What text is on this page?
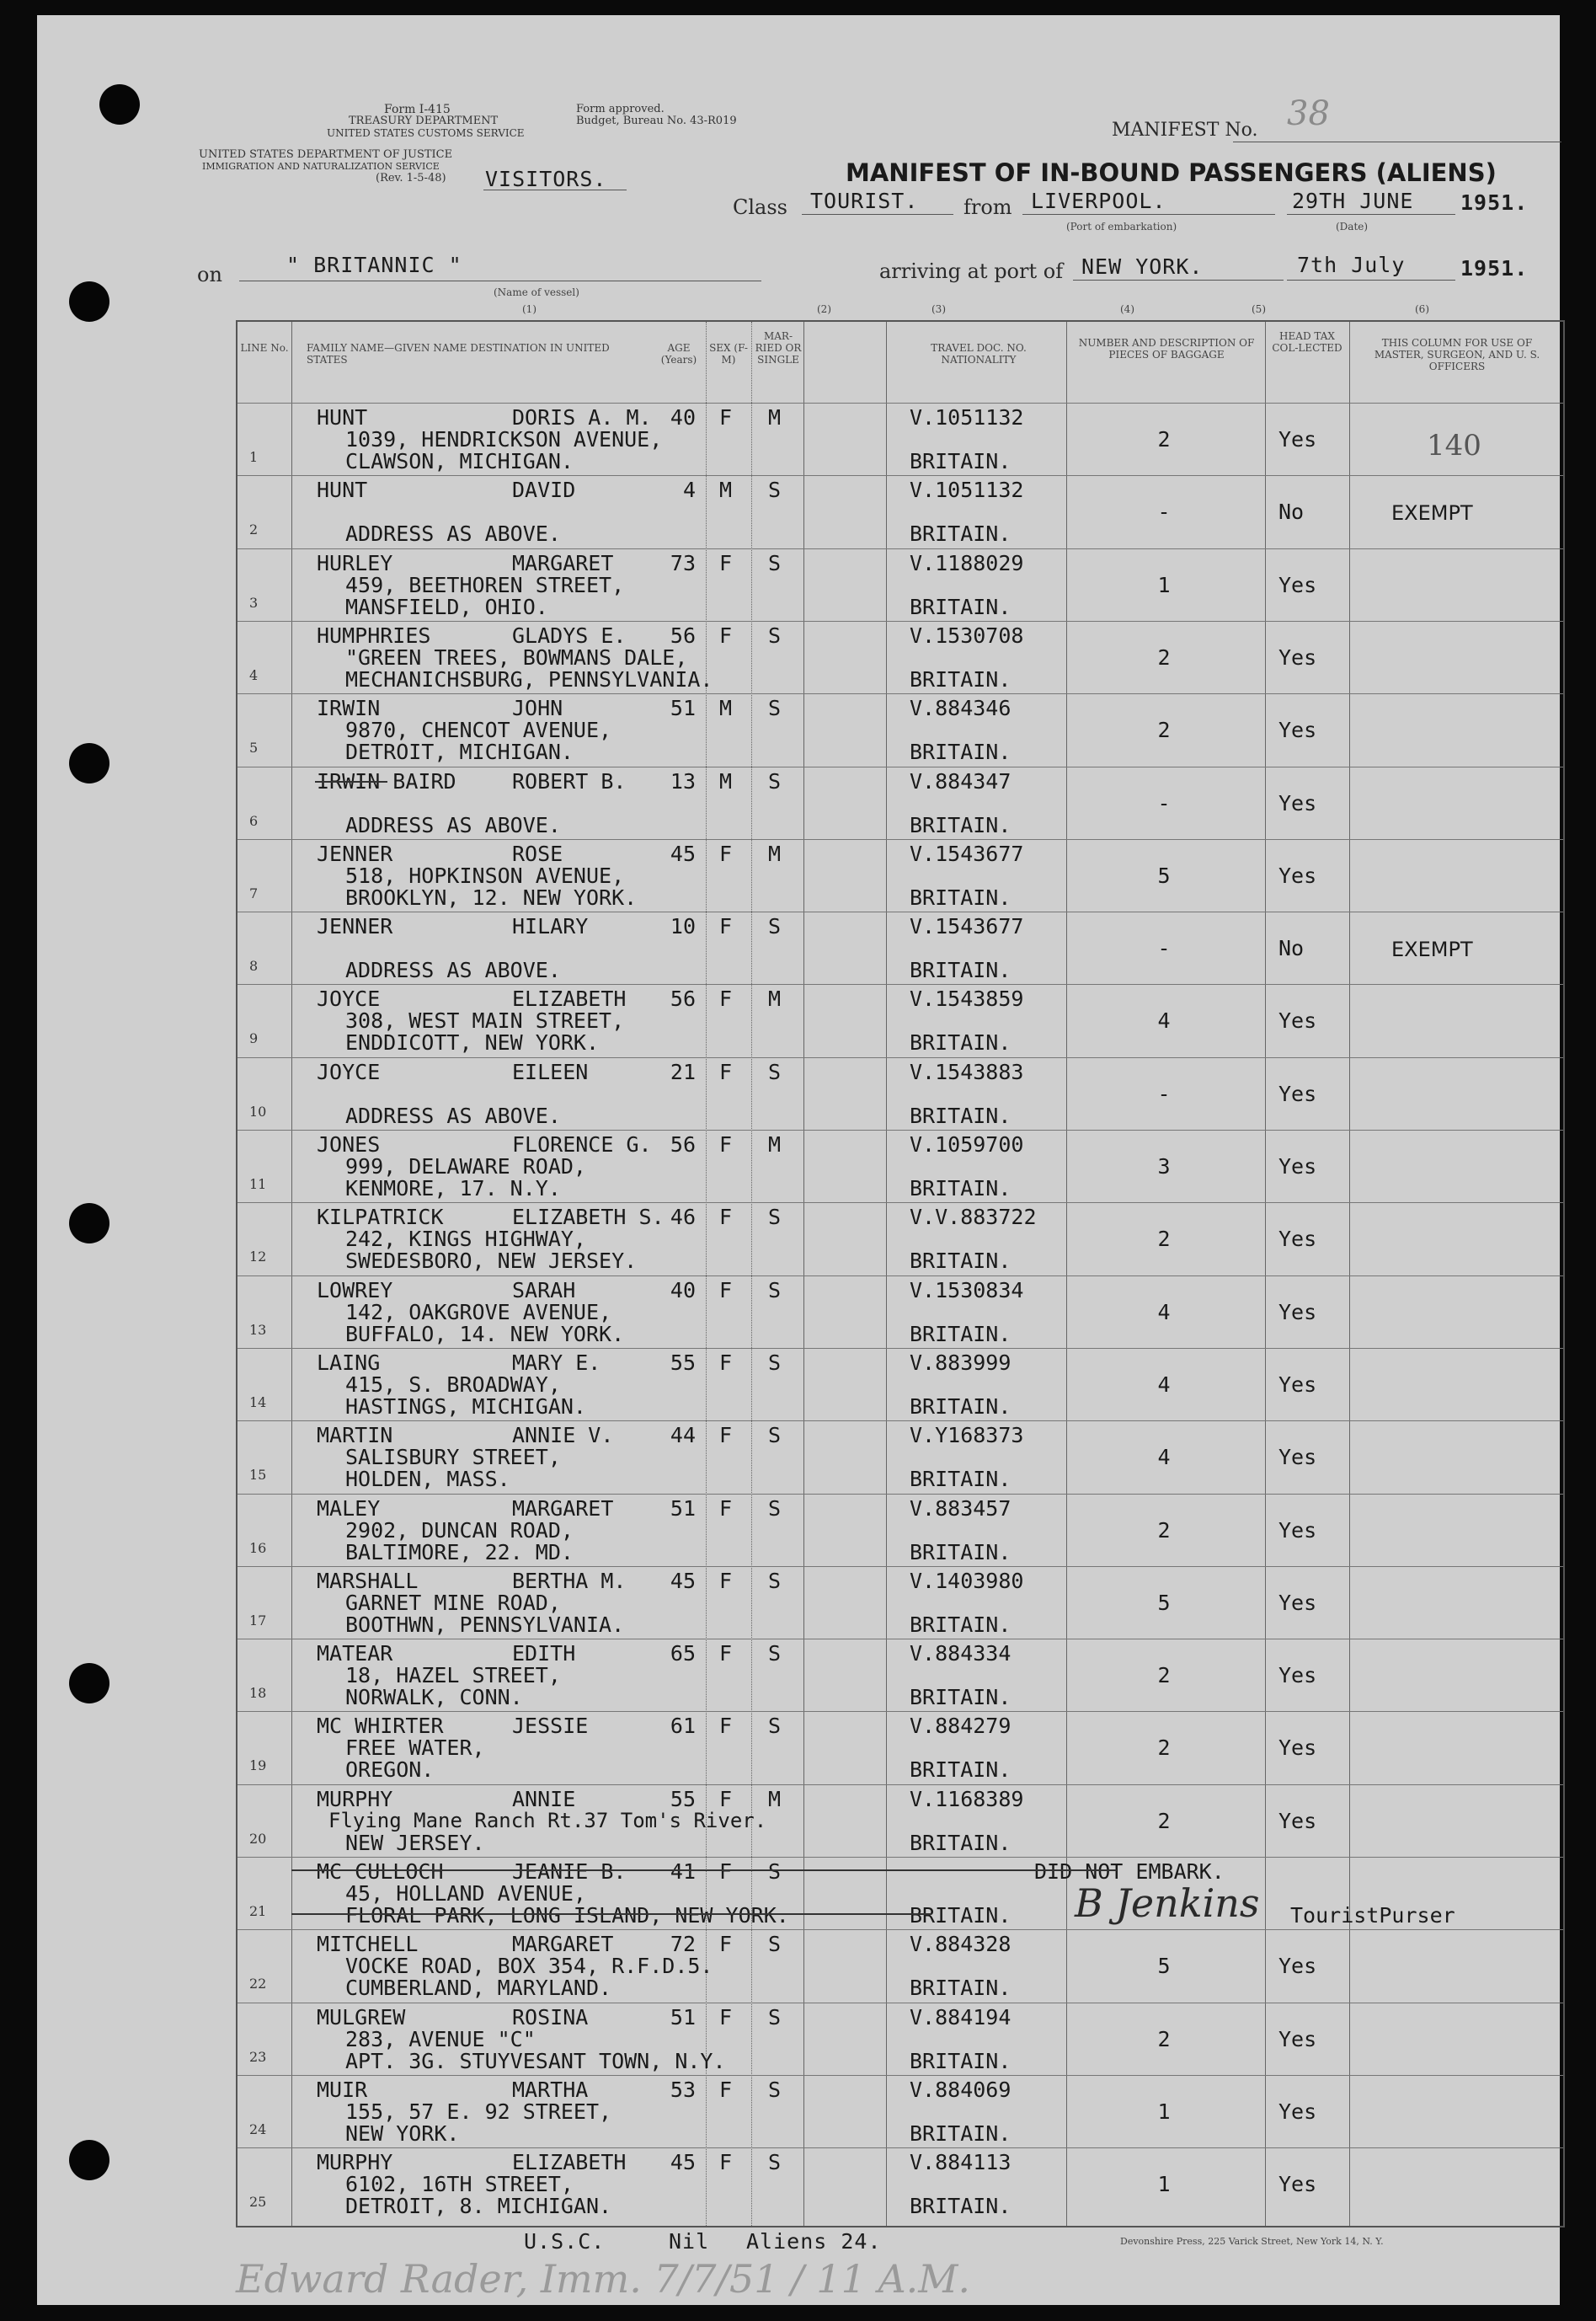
Form I-415
TREASURY DEPARTMENT
UNITED STATES CUSTOMS SERVICE
Form approved.
Budget, Bureau No. 43-R019
UNITED STATES DEPARTMENT OF JUSTICE
IMMIGRATION AND NATURALIZATION SERVICE
(Rev. 1-5-48) VISITORS.
MANIFEST No. 38
MANIFEST OF IN-BOUND PASSENGERS (ALIENS)
Class TOURIST. from LIVERPOOL.
(Port of embarkation)
29TH JUNE
(Date)
1951.
on	" BRITANNIC "
(Name of vessel)
arriving at port of NEW YORK.	7th July	1951.
(1)	(2)	(3)	(4)	(5)	(6)
LINE No. FAMILY NAME—GIVEN NAME DESTINATION IN UNITED STATES
AGE (Years)
SEX (F-M)
MAR-RIED OR SINGLE
TRAVEL DOC. NO. NATIONALITY
NUMBER AND DESCRIPTION OF PIECES OF BAGGAGE
HEAD TAX COL-LECTED	THIS COLUMN FOR USE OF MASTER, SURGEON, AND U. S. OFFICERS
1
HUNT	DORIS A. M. 40 F M	V.1051132
1039, HENDRICKSON AVENUE,
CLAWSON, MICHIGAN.	BRITAIN.
2	Yes	140
2
HUNT	DAVID	4 M S	V.1051132
ADDRESS AS ABOVE.	BRITAIN.
-	No	EXEMPT
3
HURLEY	MARGARET	73 F S	V.1188029
459, BEETHOREN STREET,
MANSFIELD, OHIO.	BRITAIN.
1	Yes
4
HUMPHRIES	GLADYS E.	56 F S	V.1530708
"GREEN TREES, BOWMANS DALE,
MECHANICHSBURG, PENNSYLVANIA.	BRITAIN.
2	Yes
5
IRWIN	JOHN	51 M S	V.884346
9870, CHENCOT AVENUE,
DETROIT, MICHIGAN.	BRITAIN.
2	Yes
6
IRWIN BAIRD	ROBERT B.	13 M S	V.884347
ADDRESS AS ABOVE.	BRITAIN.
-	Yes
7
JENNER	ROSE	45 F M	V.1543677
518, HOPKINSON AVENUE,
BROOKLYN, 12. NEW YORK.	BRITAIN.
5	Yes
8
JENNER	HILARY	10 F S	V.1543677
ADDRESS AS ABOVE.	BRITAIN.
-	No	EXEMPT
9
JOYCE	ELIZABETH	56 F M	V.1543859
308, WEST MAIN STREET,
ENDDICOTT, NEW YORK.	BRITAIN.
4	Yes
10
JOYCE	EILEEN	21 F S	V.1543883
ADDRESS AS ABOVE.	BRITAIN.
-	Yes
11
JONES	FLORENCE G. 56 F M	V.1059700
999, DELAWARE ROAD,
KENMORE, 17. N.Y.	BRITAIN.
3	Yes
12
KILPATRICK	ELIZABETH S. 46 F S	V.V.883722
242, KINGS HIGHWAY,
SWEDESBORO, NEW JERSEY.	BRITAIN.
2	Yes
13
LOWREY	SARAH	40 F S	V.1530834
142, OAKGROVE AVENUE,
BUFFALO, 14. NEW YORK.	BRITAIN.
4	Yes
14
LAING	MARY E.	55 F S	V.883999
415, S. BROADWAY,
HASTINGS, MICHIGAN.	BRITAIN.
4	Yes
15
MARTIN	ANNIE V.	44 F S	V.Y168373
SALISBURY STREET,
HOLDEN, MASS.	BRITAIN.
4	Yes
16
MALEY	MARGARET	51 F S	V.883457
2902, DUNCAN ROAD,
BALTIMORE, 22. MD.	BRITAIN.
2	Yes
17
MARSHALL	BERTHA M.	45 F S	V.1403980
GARNET MINE ROAD,
BOOTHWN, PENNSYLVANIA.	BRITAIN.
5	Yes
18
MATEAR	EDITH	65 F S	V.884334
18, HAZEL STREET,
NORWALK, CONN.	BRITAIN.
2	Yes
19
MC WHIRTER	JESSIE	61 F S	V.884279
FREE WATER,
OREGON.	BRITAIN.
2	Yes
20
MURPHY	ANNIE	55 F M	V.1168389
Flying Mane Ranch Rt.37 Tom's River.
NEW JERSEY.	BRITAIN.
2	Yes
21
MC CULLOCH	JEANIE B.	41 F S	DID NOT EMBARK.
45, HOLLAND AVENUE,
FLORAL PARK, LONG ISLAND, NEW YORK.	BRITAIN.	TouristPurser
22
MITCHELL	MARGARET	72 F S	V.884328
VOCKE ROAD, BOX 354, R.F.D.5.
CUMBERLAND, MARYLAND.	BRITAIN.
5	Yes
23
MULGREW	ROSINA	51 F S	V.884194
283, AVENUE "C"
APT. 3G. STUYVESANT TOWN, N.Y.	BRITAIN.
2	Yes
24
MUIR	MARTHA	53 F S	V.884069
155, 57 E. 92 STREET,
NEW YORK.	BRITAIN.
1	Yes
25
MURPHY	ELIZABETH	45 F S	V.884113
6102, 16TH STREET,
DETROIT, 8. MICHIGAN.	BRITAIN.
1	Yes
B Jenkins
U.S.C.	Nil Aliens 24.	Devonshire Press, 225 Varick Street, New York 14, N. Y.
Edward Rader, Imm. 7/7/51 / 11 A.M.
